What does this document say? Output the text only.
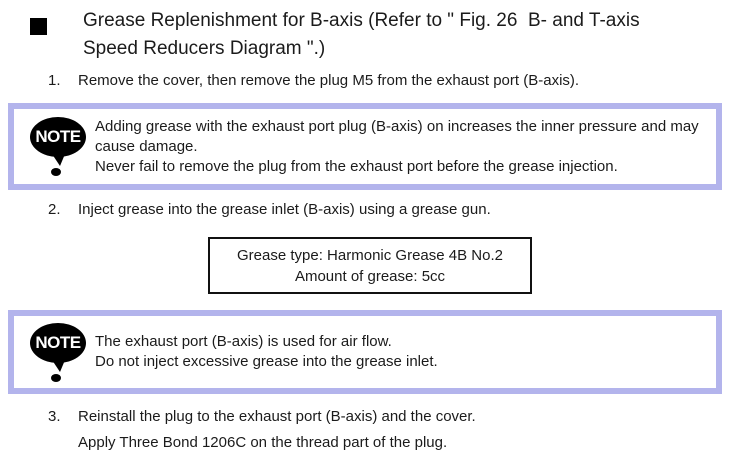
Grease Replenishment for B-axis (Refer to " Fig. 26  B- and T-axis
Speed Reducers Diagram ".)
1.	Remove the cover, then remove the plug M5 from the exhaust port (B-axis).
NOTE
Adding grease with the exhaust port plug (B-axis) on increases the inner pressure and may
cause damage.
Never fail to remove the plug from the exhaust port before the grease injection.
2.	Inject grease into the grease inlet (B-axis) using a grease gun.
Grease type: Harmonic Grease 4B No.2
Amount of grease: 5cc
NOTE The exhaust port (B-axis) is used for air flow.
Do not inject excessive grease into the grease inlet.
3.	Reinstall the plug to the exhaust port (B-axis) and the cover.
Apply Three Bond 1206C on the thread part of the plug.
